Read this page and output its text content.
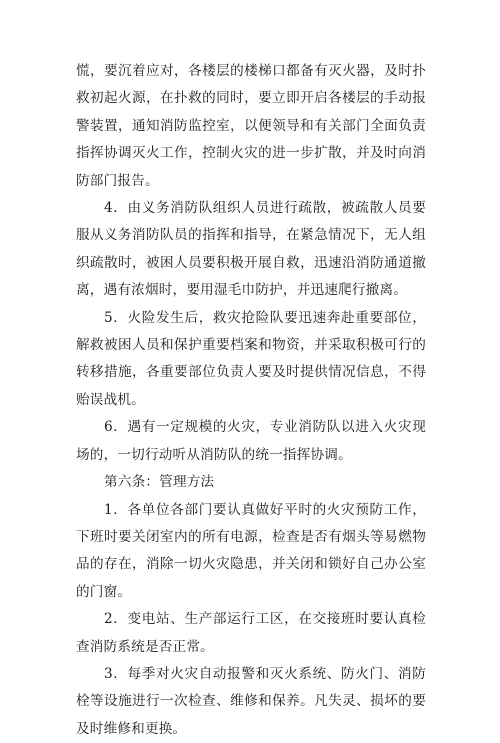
慌，要沉着应对，各楼层的楼梯口都备有灭火器，及时扑救初起火源，在扑救的同时，要立即开启各楼层的手动报警装置，通知消防监控室，以便领导和有关部门全面负责指挥协调灭火工作，控制火灾的进一步扩散，并及时向消防部门报告。

4．由义务消防队组织人员进行疏散，被疏散人员要服从义务消防队员的指挥和指导，在紧急情况下，无人组织疏散时，被困人员要积极开展自救，迅速沿消防通道撤离，遇有浓烟时，要用湿毛巾防护，并迅速爬行撤离。

5．火险发生后，救灾抢险队要迅速奔赴重要部位，解救被困人员和保护重要档案和物资，并采取积极可行的转移措施，各重要部位负责人要及时提供情况信息，不得贻误战机。

6．遇有一定规模的火灾，专业消防队以进入火灾现场的，一切行动听从消防队的统一指挥协调。

第六条：管理方法

1．各单位各部门要认真做好平时的火灾预防工作，下班时要关闭室内的所有电源，检查是否有烟头等易燃物品的存在，消除一切火灾隐患，并关闭和锁好自己办公室的门窗。

2．变电站、生产部运行工区，在交接班时要认真检查消防系统是否正常。

3．每季对火灾自动报警和灭火系统、防火门、消防栓等设施进行一次检查、维修和保养。凡失灵、损坏的要及时维修和更换。
